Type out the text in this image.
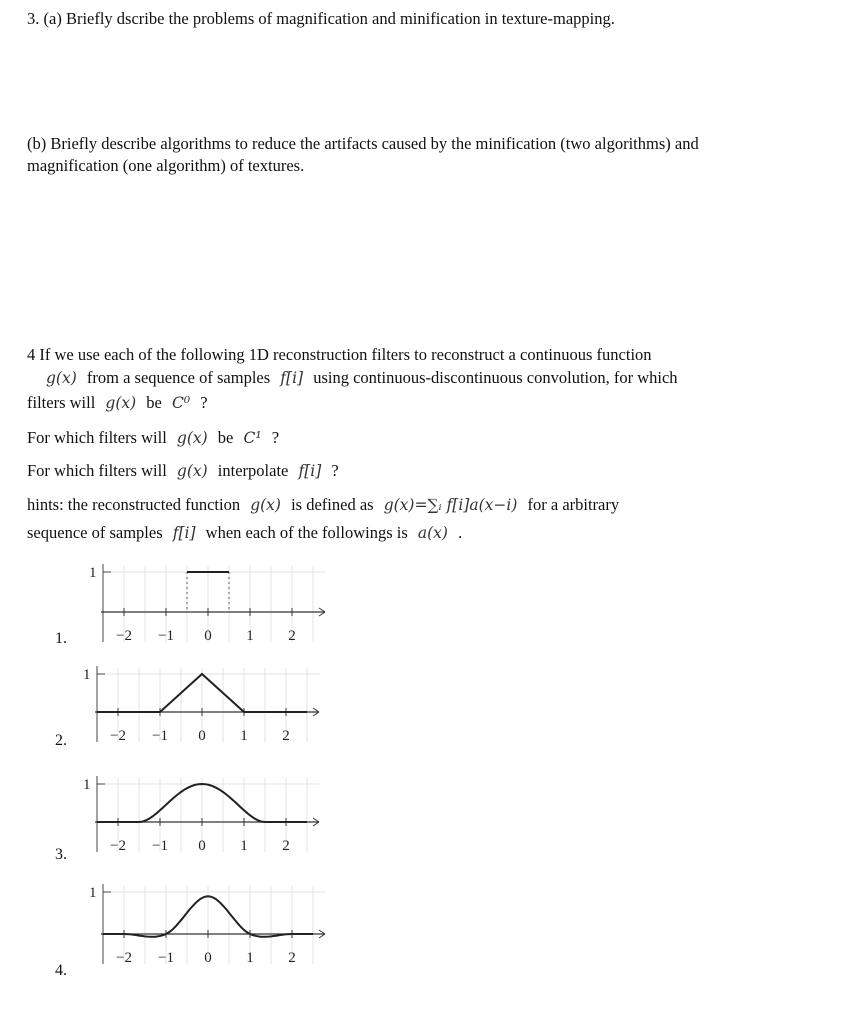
3. (a) Briefly dscribe the problems of magnification and minification in texture-mapping.
(b) Briefly describe algorithms to reduce the artifacts caused by the minification (two algorithms) and
magnification (one algorithm) of textures.
4 If we use each of the following 1D reconstruction filters to reconstruct a continuous function
g(x) from a sequence of samples f[i] using continuous-discontinuous convolution, for which
filters will g(x) be C⁰ ?
For which filters will g(x) be C¹ ?
For which filters will g(x) interpolate f[i] ?
hints: the reconstructed function g(x) is defined as g(x)=∑ᵢ f[i]a(x−i) for a arbitrary
sequence of samples f[i] when each of the followings is a(x) .
1.
2.
3.
4.
1
−2 −1 0 1 2
1
−2 −1 0 1 2
1
−2 −1 0 1 2
1
−2 −1 0 1 2
